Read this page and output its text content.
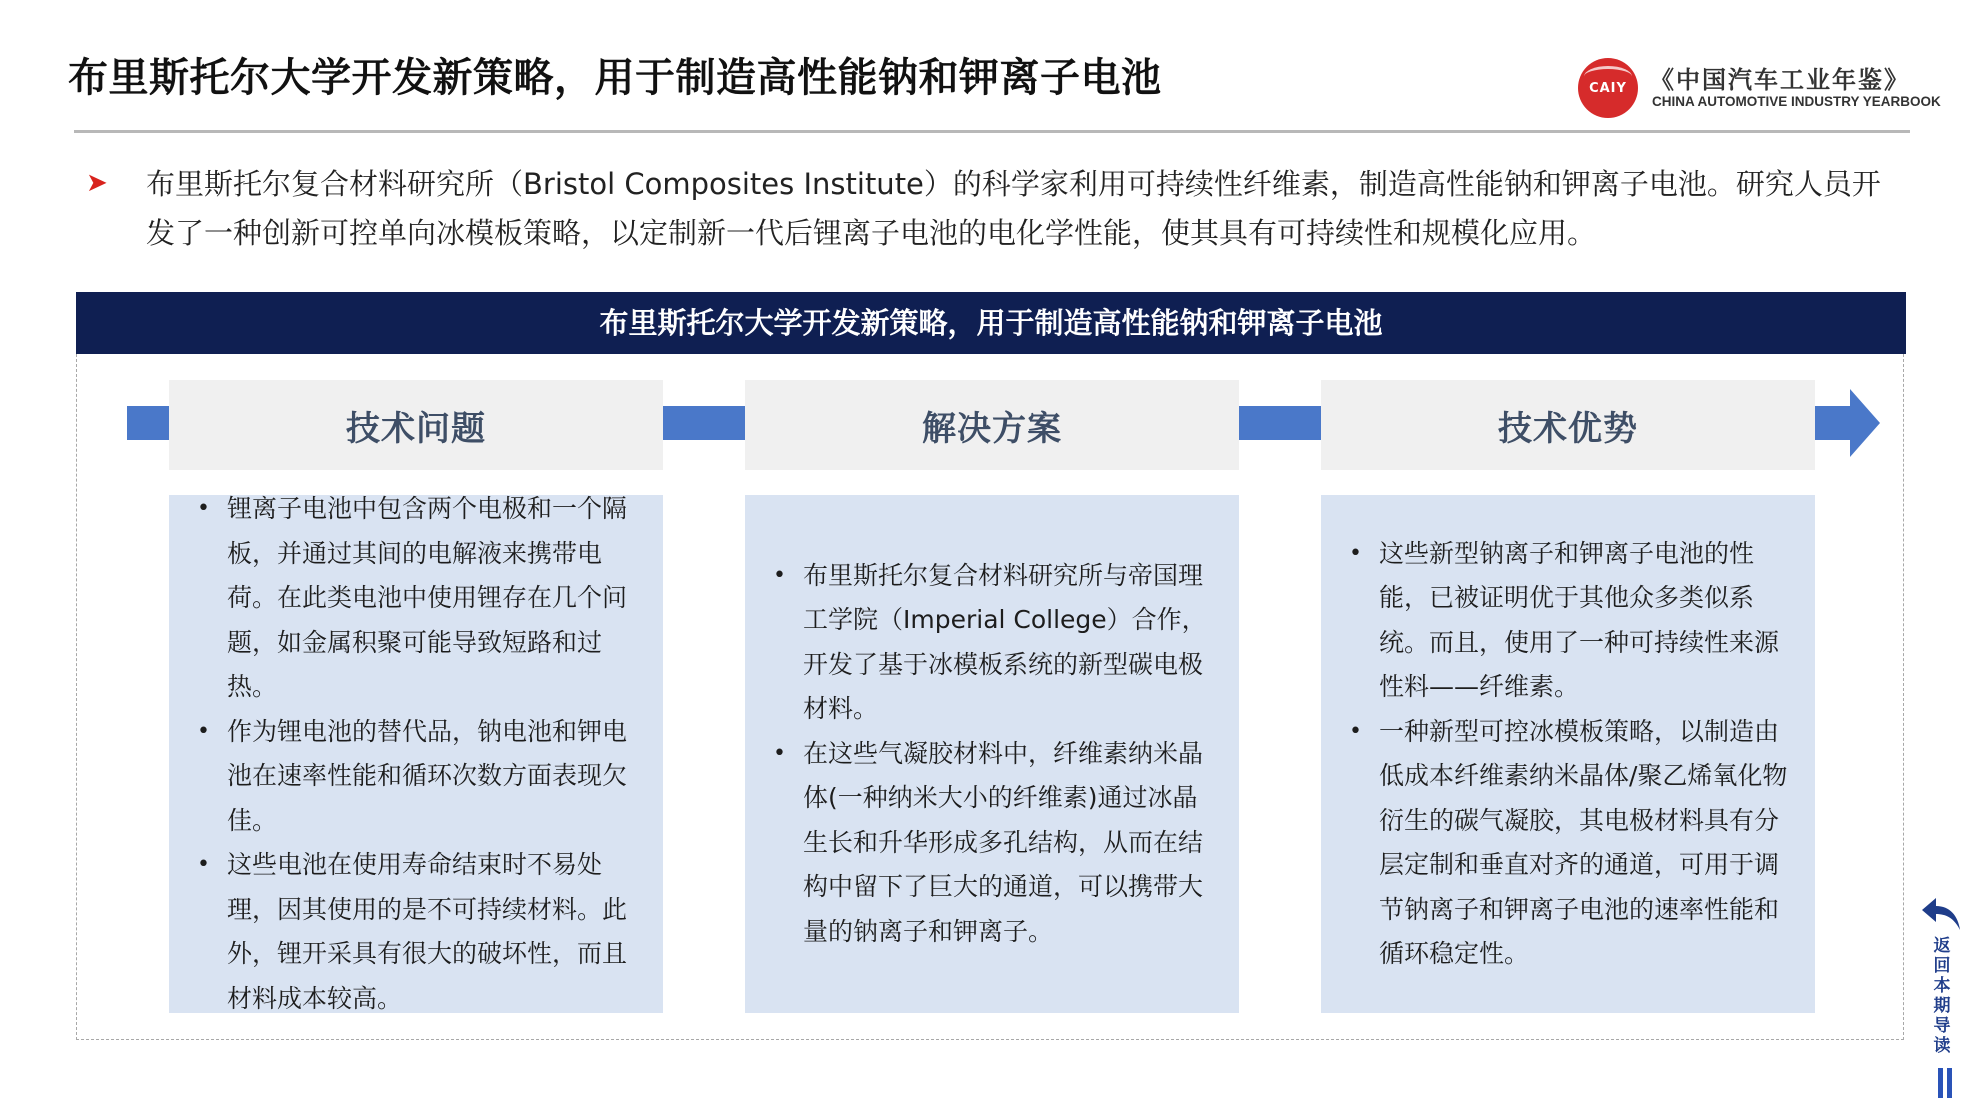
布里斯托尔大学开发新策略，用于制造高性能钠和钾离子电池	CAIY 《中国汽车工业年鉴》
CHINA AUTOMOTIVE INDUSTRY YEARBOOK
➤ 布里斯托尔复合材料研究所（Bristol Composites Institute）的科学家利用可持续性纤维素，制造高性能钠和钾离子电池。研究人员开发了一种创新可控单向冰模板策略，以定制新一代后锂离子电池的电化学性能，使其具有可持续性和规模化应用。
布里斯托尔大学开发新策略，用于制造高性能钠和钾离子电池
技术问题
• 锂离子电池中包含两个电极和一个隔板，并通过其间的电解液来携带电荷。在此类电池中使用锂存在几个问题，如金属积聚可能导致短路和过热。
• 作为锂电池的替代品，钠电池和钾电池在速率性能和循环次数方面表现欠佳。
• 这些电池在使用寿命结束时不易处理，因其使用的是不可持续材料。此外，锂开采具有很大的破坏性，而且材料成本较高。
解决方案
• 布里斯托尔复合材料研究所与帝国理工学院（Imperial College）合作，开发了基于冰模板系统的新型碳电极材料。
• 在这些气凝胶材料中，纤维素纳米晶体(一种纳米大小的纤维素)通过冰晶生长和升华形成多孔结构，从而在结构中留下了巨大的通道，可以携带大量的钠离子和钾离子。
技术优势
• 这些新型钠离子和钾离子电池的性能，已被证明优于其他众多类似系统。而且，使用了一种可持续性来源性料——纤维素。
• 一种新型可控冰模板策略，以制造由低成本纤维素纳米晶体/聚乙烯氧化物衍生的碳气凝胶，其电极材料具有分层定制和垂直对齐的通道，可用于调节钠离子和钾离子电池的速率性能和循环稳定性。	返回本期导读
